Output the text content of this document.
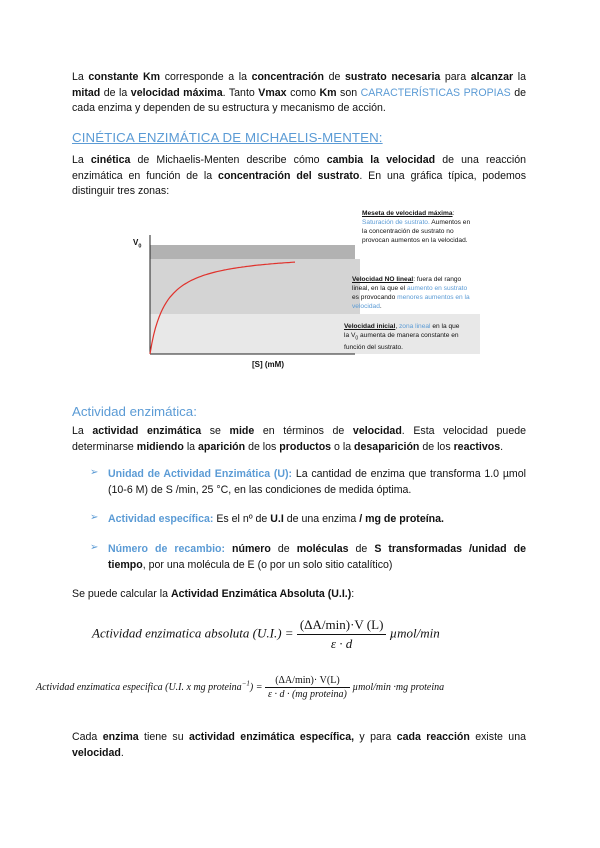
La constante Km corresponde a la concentración de sustrato necesaria para alcanzar la mitad de la velocidad máxima. Tanto Vmax como Km son CARACTERÍSTICAS PROPIAS de cada enzima y dependen de su estructura y mecanismo de acción.
CINÉTICA ENZIMÁTICA DE MICHAELIS-MENTEN:
La cinética de Michaelis-Menten describe cómo cambia la velocidad de una reacción enzimática en función de la concentración del sustrato. En una gráfica típica, podemos distinguir tres zonas:
$V_0$
[S] (mM)
Meseta de velocidad máxima:
Saturación de sustrato. Aumentos en la concentración de sustrato no provocan aumentos en la velocidad.
Velocidad NO lineal: fuera del rango lineal, en la que el aumento en sustrato es provocando menores aumentos en la velocidad.
Velocidad inicial, zona lineal en la que la $V_0$ aumenta de manera constante en función del sustrato.
Actividad enzimática:
La actividad enzimática se mide en términos de velocidad. Esta velocidad puede determinarse midiendo la aparición de los productos o la desaparición de los reactivos.
➢ Unidad de Actividad Enzimática (U): La cantidad de enzima que transforma 1.0 µmol (10-6 M) de S /min, 25 °C, en las condiciones de medida óptima.
➢ Actividad específica: Es el nº de U.I de una enzima / mg de proteína.
➢ Número de recambio: número de moléculas de S transformadas /unidad de tiempo, por una molécula de E (o por un solo sitio catalítico)
Se puede calcular la Actividad Enzimática Absoluta (U.I.):
Actividad enzimatica absoluta $(U.I.) = \frac{(\Delta A/\min)\cdot V (L)}{\varepsilon \cdot d} \mu mol/\min$
Actividad enzimatica especifica (U.I. x mg proteina$^{-1}$) = $\frac{(\Delta A/\min)\cdot V(L)}{\text{ε · d · (mg proteina)}} \mu mol/\min \cdot mg$ proteina
Cada enzima tiene su actividad enzimática específica, y para cada reacción existe una velocidad.
